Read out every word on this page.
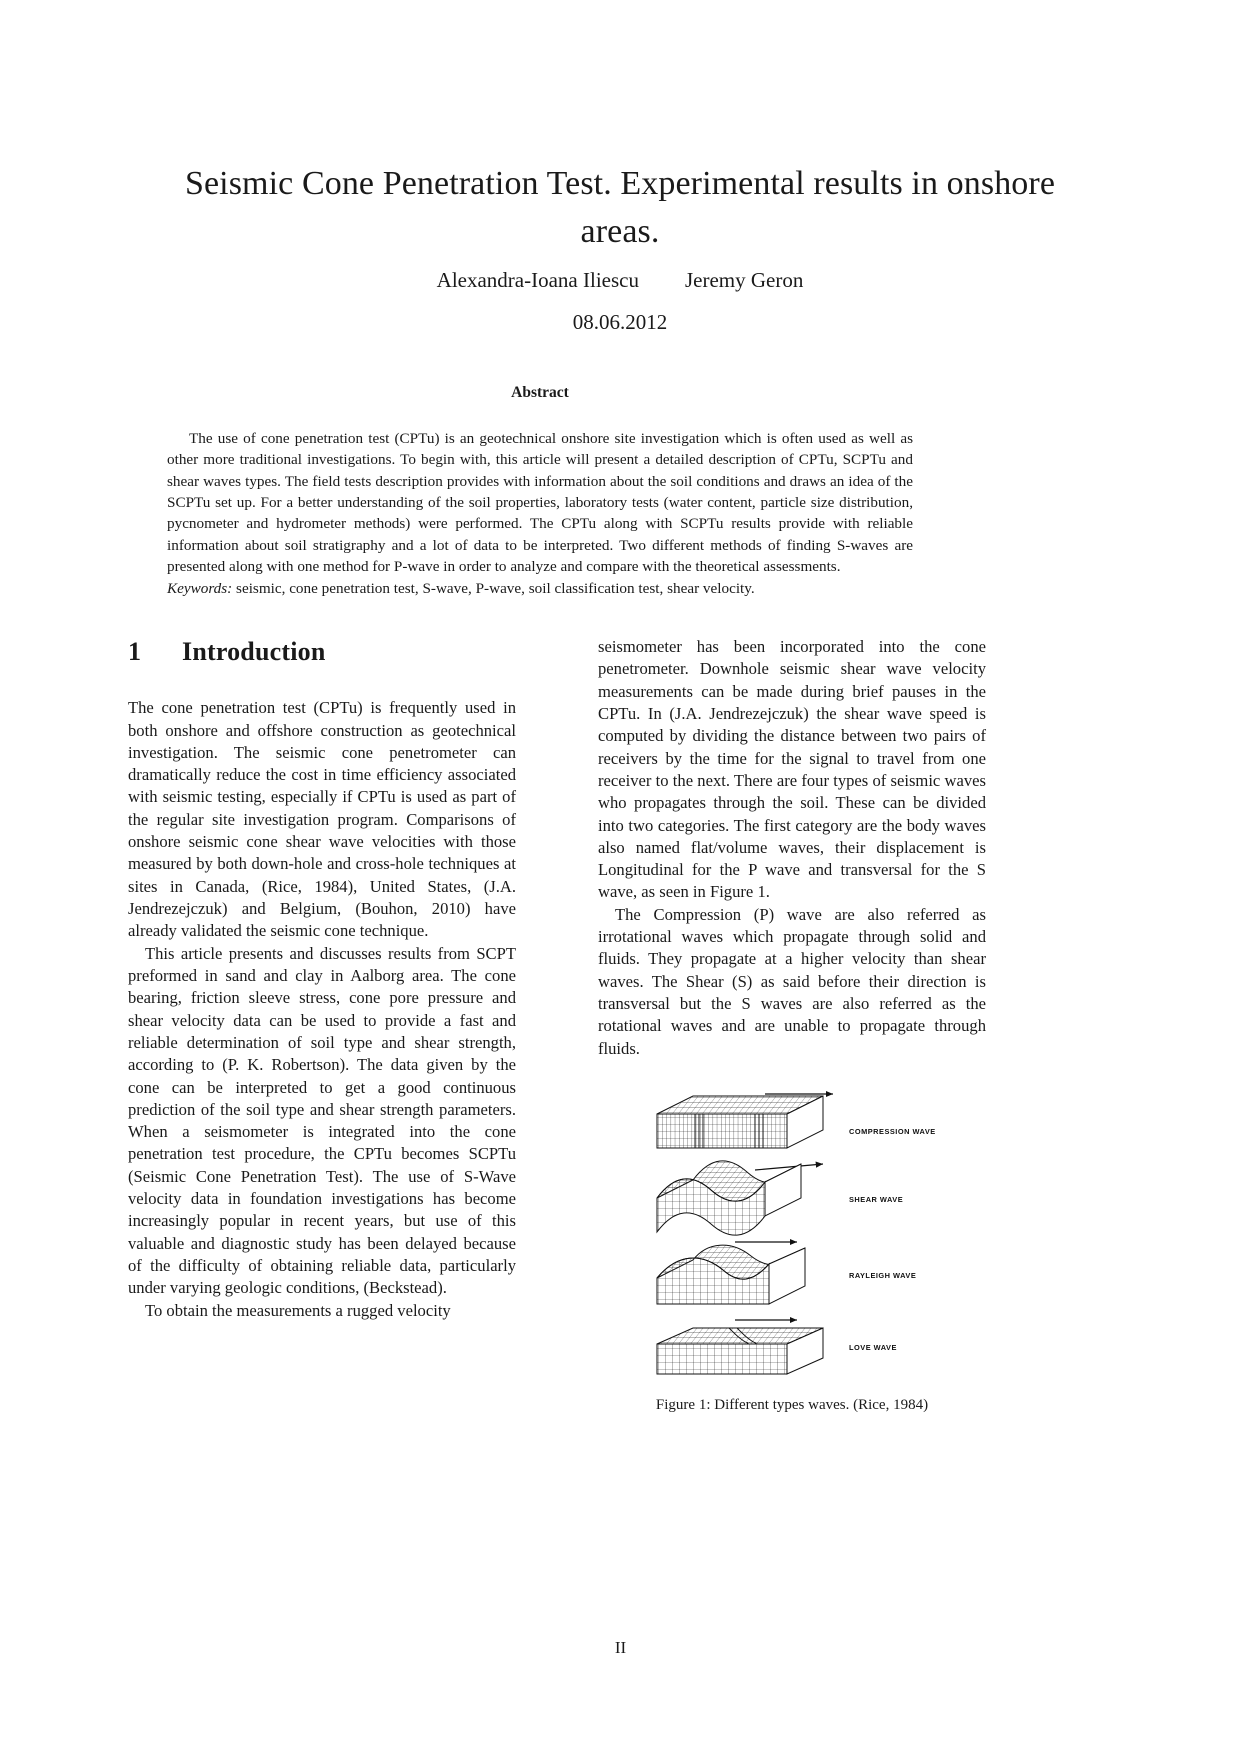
Seismic Cone Penetration Test. Experimental results in onshore areas.
Alexandra-Ioana Iliescu Jeremy Geron
08.06.2012
Abstract

The use of cone penetration test (CPTu) is an geotechnical onshore site investigation which is often used as well as other more traditional investigations. To begin with, this article will present a detailed description of CPTu, SCPTu and shear waves types. The field tests description provides with information about the soil conditions and draws an idea of the SCPTu set up. For a better understanding of the soil properties, laboratory tests (water content, particle size distribution, pycnometer and hydrometer methods) were performed. The CPTu along with SCPTu results provide with reliable information about soil stratigraphy and a lot of data to be interpreted. Two different methods of finding S-waves are presented along with one method for P-wave in order to analyze and compare with the theoretical assessments.

Keywords: seismic, cone penetration test, S-wave, P-wave, soil classification test, shear velocity.
1 Introduction

The cone penetration test (CPTu) is frequently used in both onshore and offshore construction as geotechnical investigation. The seismic cone penetrometer can dramatically reduce the cost in time efficiency associated with seismic testing, especially if CPTu is used as part of the regular site investigation program. Comparisons of onshore seismic cone shear wave velocities with those measured by both down-hole and cross-hole techniques at sites in Canada, (Rice, 1984), United States, (J.A. Jendrezejczuk) and Belgium, (Bouhon, 2010) have already validated the seismic cone technique.

This article presents and discusses results from SCPT preformed in sand and clay in Aalborg area. The cone bearing, friction sleeve stress, cone pore pressure and shear velocity data can be used to provide a fast and reliable determination of soil type and shear strength, according to (P. K. Robertson). The data given by the cone can be interpreted to get a good continuous prediction of the soil type and shear strength parameters. When a seismometer is integrated into the cone penetration test procedure, the CPTu becomes SCPTu (Seismic Cone Penetration Test). The use of S-Wave velocity data in foundation investigations has become increasingly popular in recent years, but use of this valuable and diagnostic study has been delayed because of the difficulty of obtaining reliable data, particularly under varying geologic conditions, (Beckstead).

To obtain the measurements a rugged velocity

seismometer has been incorporated into the cone penetrometer. Downhole seismic shear wave velocity measurements can be made during brief pauses in the CPTu. In (J.A. Jendrezejczuk) the shear wave speed is computed by dividing the distance between two pairs of receivers by the time for the signal to travel from one receiver to the next. There are four types of seismic waves who propagates through the soil. These can be divided into two categories. The first category are the body waves also named flat/volume waves, their displacement is Longitudinal for the P wave and transversal for the S wave, as seen in Figure 1.

The Compression (P) wave are also referred as irrotational waves which propagate through solid and fluids. They propagate at a higher velocity than shear waves. The Shear (S) as said before their direction is transversal but the S waves are also referred as the rotational waves and are unable to propagate through fluids.

COMPRESSION WAVE
SHEAR WAVE
RAYLEIGH WAVE
LOVE WAVE
Figure 1: Different types waves. (Rice, 1984)
II
